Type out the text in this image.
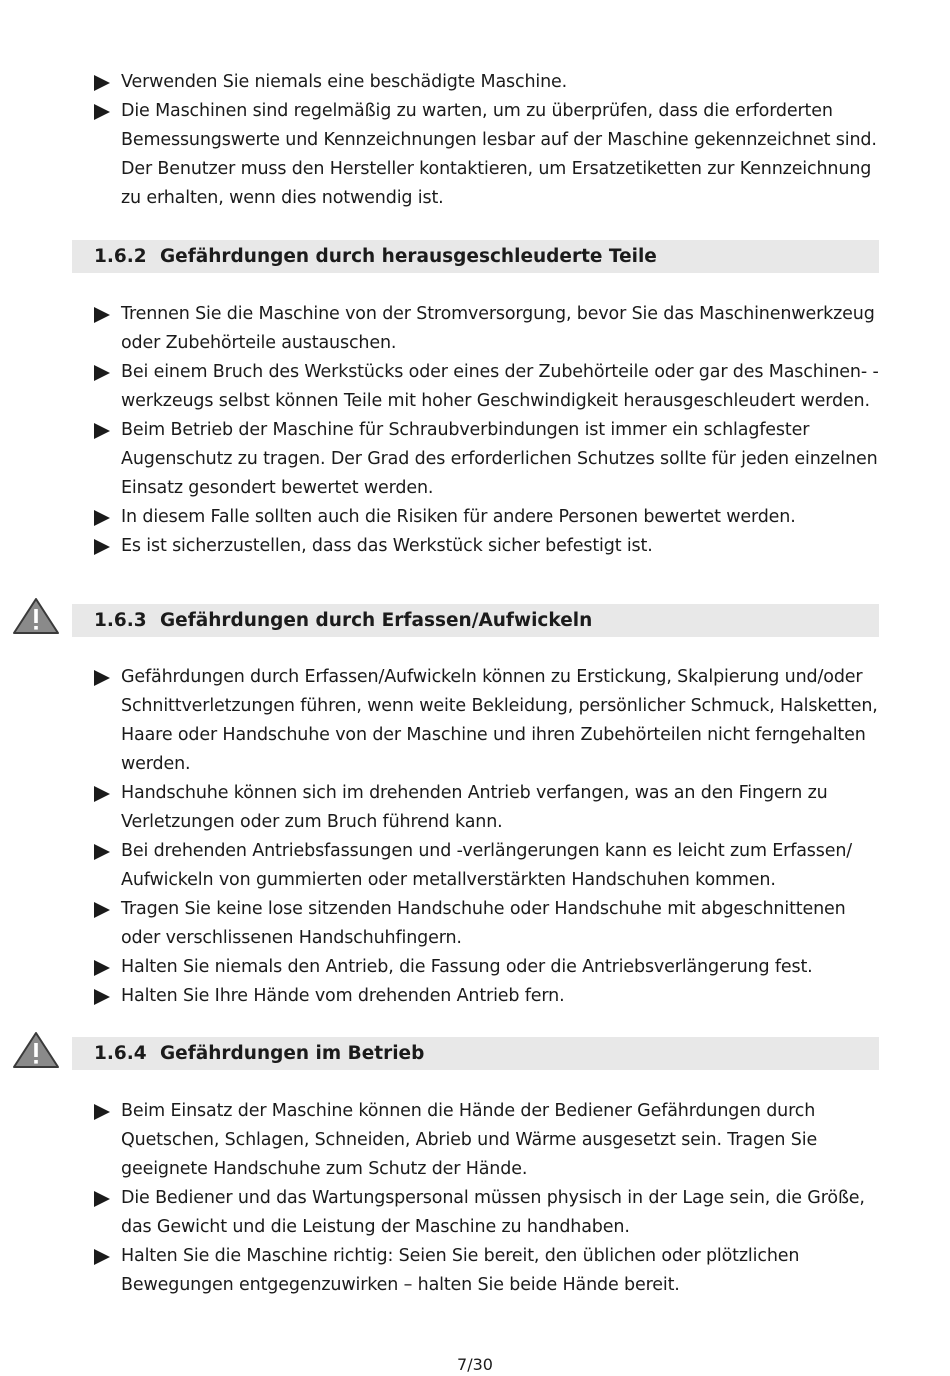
Verwenden Sie niemals eine beschädigte Maschine.
Die Maschinen sind regelmäßig zu warten, um zu überprüfen, dass die erforderten Bemessungswerte und Kennzeichnungen lesbar auf der Maschine gekennzeichnet sind. Der Benutzer muss den Hersteller kontaktieren, um Ersatzetiketten zur Kennzeichnung zu erhalten, wenn dies notwendig ist.
1.6.2 Gefährdungen durch herausgeschleuderte Teile
Trennen Sie die Maschine von der Stromversorgung, bevor Sie das Maschinenwerkzeug oder Zubehörteile austauschen.
Bei einem Bruch des Werkstücks oder eines der Zubehörteile oder gar des Maschinen- -werkzeugs selbst können Teile mit hoher Geschwindigkeit herausgeschleudert werden.
Beim Betrieb der Maschine für Schraubverbindungen ist immer ein schlagfester Augenschutz zu tragen. Der Grad des erforderlichen Schutzes sollte für jeden einzelnen Einsatz gesondert bewertet werden.
In diesem Falle sollten auch die Risiken für andere Personen bewertet werden.
Es ist sicherzustellen, dass das Werkstück sicher befestigt ist.
1.6.3 Gefährdungen durch Erfassen/Aufwickeln
Gefährdungen durch Erfassen/Aufwickeln können zu Erstickung, Skalpierung und/oder Schnittverletzungen führen, wenn weite Bekleidung, persönlicher Schmuck, Halsketten, Haare oder Handschuhe von der Maschine und ihren Zubehörteilen nicht ferngehalten werden.
Handschuhe können sich im drehenden Antrieb verfangen, was an den Fingern zu Verletzungen oder zum Bruch führend kann.
Bei drehenden Antriebsfassungen und -verlängerungen kann es leicht zum Erfassen/ Aufwickeln von gummierten oder metallverstärkten Handschuhen kommen.
Tragen Sie keine lose sitzenden Handschuhe oder Handschuhe mit abgeschnittenen oder verschlissenen Handschuhfingern.
Halten Sie niemals den Antrieb, die Fassung oder die Antriebsverlängerung fest.
Halten Sie Ihre Hände vom drehenden Antrieb fern.
1.6.4 Gefährdungen im Betrieb
Beim Einsatz der Maschine können die Hände der Bediener Gefährdungen durch Quetschen, Schlagen, Schneiden, Abrieb und Wärme ausgesetzt sein. Tragen Sie geeignete Handschuhe zum Schutz der Hände.
Die Bediener und das Wartungspersonal müssen physisch in der Lage sein, die Größe, das Gewicht und die Leistung der Maschine zu handhaben.
Halten Sie die Maschine richtig: Seien Sie bereit, den üblichen oder plötzlichen Bewegungen entgegenzuwirken – halten Sie beide Hände bereit.
7/30
